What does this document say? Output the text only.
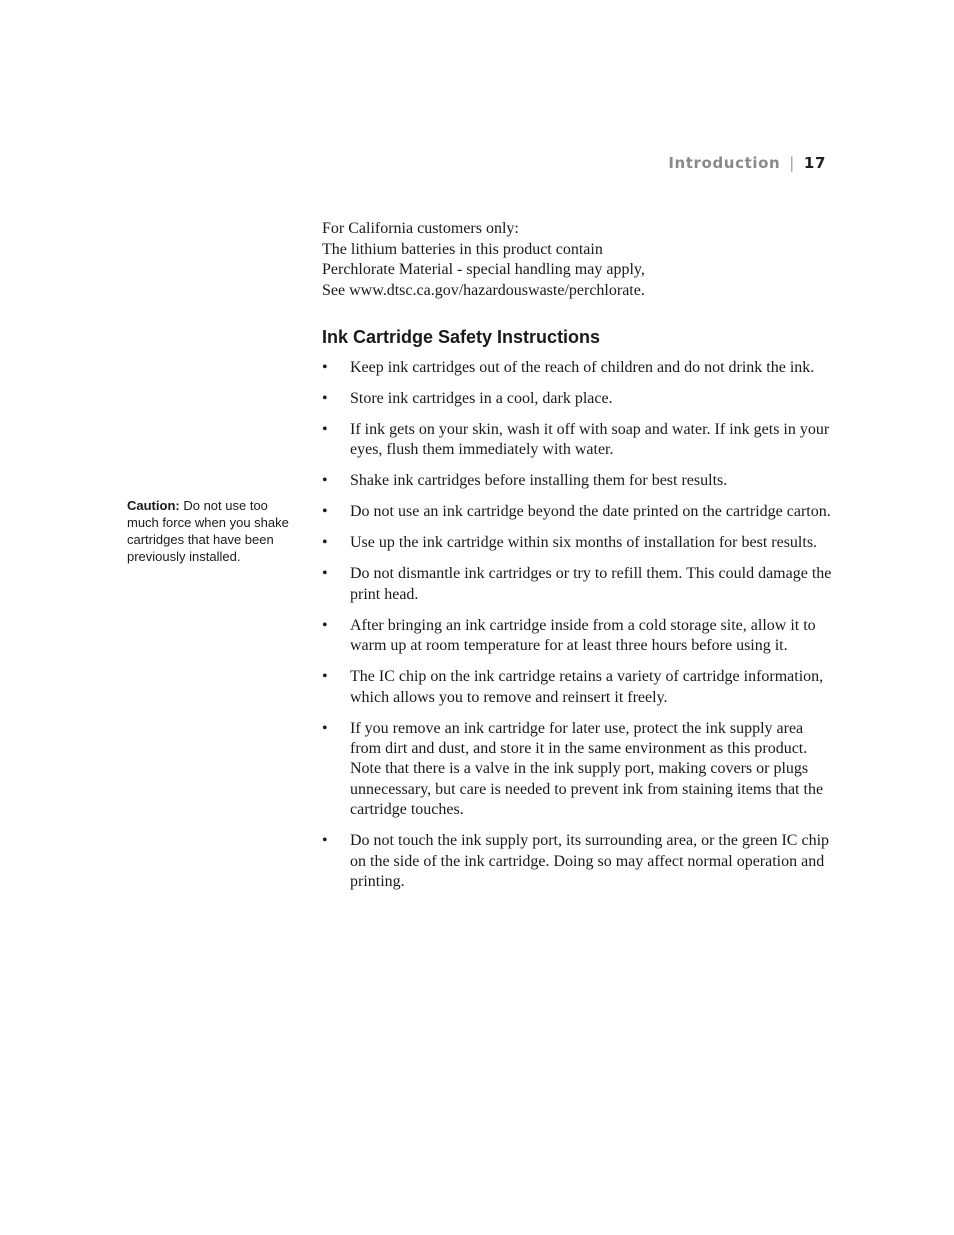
Introduction | 17
For California customers only:
The lithium batteries in this product contain
Perchlorate Material - special handling may apply,
See www.dtsc.ca.gov/hazardouswaste/perchlorate.
Ink Cartridge Safety Instructions
• Keep ink cartridges out of the reach of children and do not drink the ink.
• Store ink cartridges in a cool, dark place.
• If ink gets on your skin, wash it off with soap and water. If ink gets in your eyes, flush them immediately with water.
• Shake ink cartridges before installing them for best results.
• Do not use an ink cartridge beyond the date printed on the cartridge carton.
• Use up the ink cartridge within six months of installation for best results.
• Do not dismantle ink cartridges or try to refill them. This could damage the print head.
• After bringing an ink cartridge inside from a cold storage site, allow it to warm up at room temperature for at least three hours before using it.
• The IC chip on the ink cartridge retains a variety of cartridge information, which allows you to remove and reinsert it freely.
• If you remove an ink cartridge for later use, protect the ink supply area from dirt and dust, and store it in the same environment as this product. Note that there is a valve in the ink supply port, making covers or plugs unnecessary, but care is needed to prevent ink from staining items that the cartridge touches.
• Do not touch the ink supply port, its surrounding area, or the green IC chip on the side of the ink cartridge. Doing so may affect normal operation and printing.
Caution: Do not use too much force when you shake cartridges that have been previously installed.
